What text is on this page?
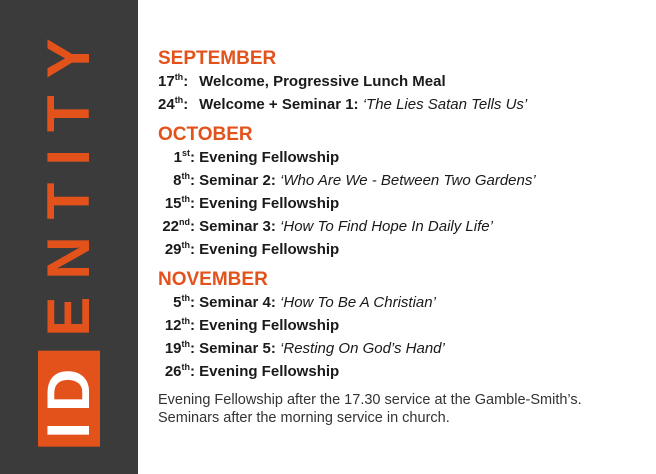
ID
ENTITY	SEPTEMBER
17th: Welcome, Progressive Lunch Meal
24th: Welcome + Seminar 1: ‘The Lies Satan Tells Us’
OCTOBER
1st: Evening Fellowship
8th: Seminar 2: ‘Who Are We - Between Two Gardens’
15th: Evening Fellowship
22nd: Seminar 3: ‘How To Find Hope In Daily Life’
29th: Evening Fellowship
NOVEMBER
5th: Seminar 4: ‘How To Be A Christian’
12th: Evening Fellowship
19th: Seminar 5: ‘Resting On God’s Hand’
26th: Evening Fellowship
Evening Fellowship after the 17.30 service at the Gamble-Smith’s.
Seminars after the morning service in church.
